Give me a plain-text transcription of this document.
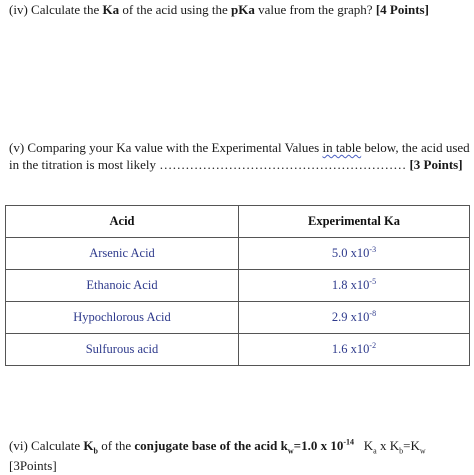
(iv) Calculate the Ka of the acid using the pKa value from the graph? [4 Points]
(v) Comparing your Ka value with the Experimental Values in table below, the acid used
in the titration is most likely ………………………………………………… [3 Points]
Acid	Experimental Ka
Arsenic Acid	5.0 $x10^{-3}$
Ethanoic Acid	1.8 $x10^{-5}$
Hypochlorous Acid	2.9 $x10^{-8}$
Sulfurous acid	1.6 $x10^{-2}$
(vi) Calculate $K_b$ of the conjugate base of the acid $k_w=1.0$ x $10^{-14}$ $K_a$ x $K_b=K_w$
[3Points]
